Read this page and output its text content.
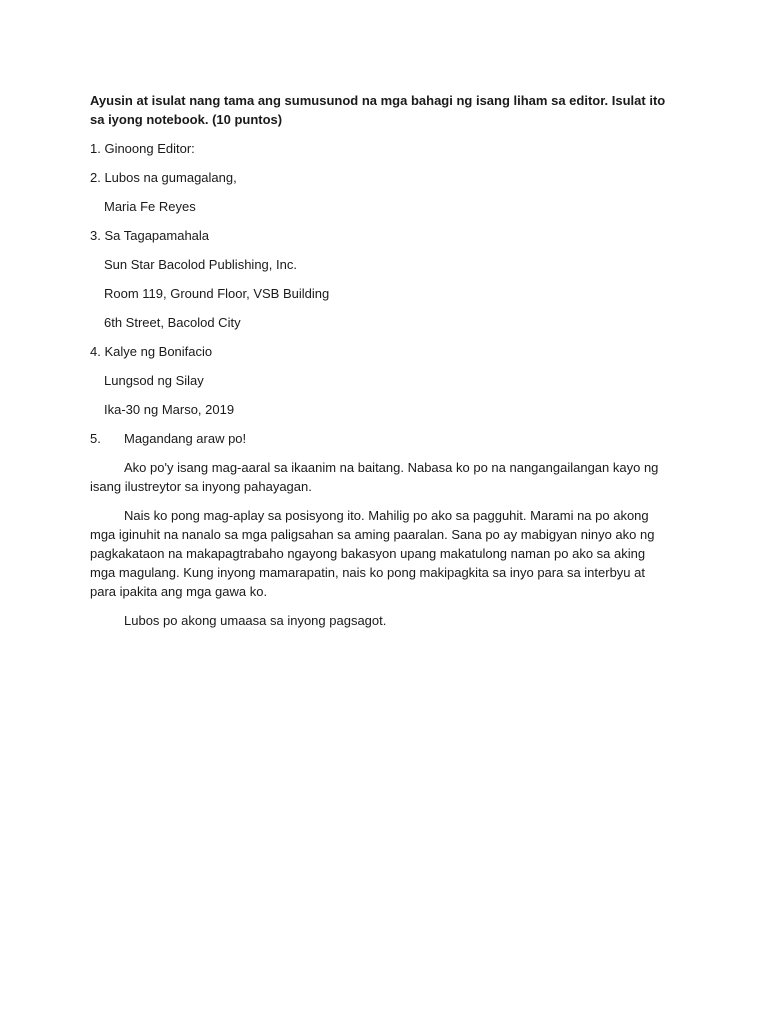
Ayusin at isulat nang tama ang sumusunod na mga bahagi ng isang liham sa editor. Isulat ito sa iyong notebook. (10 puntos)

1. Ginoong Editor:
2. Lubos na gumagalang,
Maria Fe Reyes
3. Sa Tagapamahala
Sun Star Bacolod Publishing, Inc.
Room 119, Ground Floor, VSB Building
6th Street, Bacolod City
4. Kalye ng Bonifacio
Lungsod ng Silay
Ika-30 ng Marso, 2019
5. Magandang araw po!

Ako po'y isang mag-aaral sa ikaanim na baitang. Nabasa ko po na nangangailangan kayo ng isang ilustreytor sa inyong pahayagan.

Nais ko pong mag-aplay sa posisyong ito. Mahilig po ako sa pagguhit. Marami na po akong mga iginuhit na nanalo sa mga paligsahan sa aming paaralan. Sana po ay mabigyan ninyo ako ng pagkakataon na makapagtrabaho ngayong bakasyon upang makatulong naman po ako sa aking mga magulang. Kung inyong mamarapatin, nais ko pong makipagkita sa inyo para sa interbyu at para ipakita ang mga gawa ko.

Lubos po akong umaasa sa inyong pagsagot.
